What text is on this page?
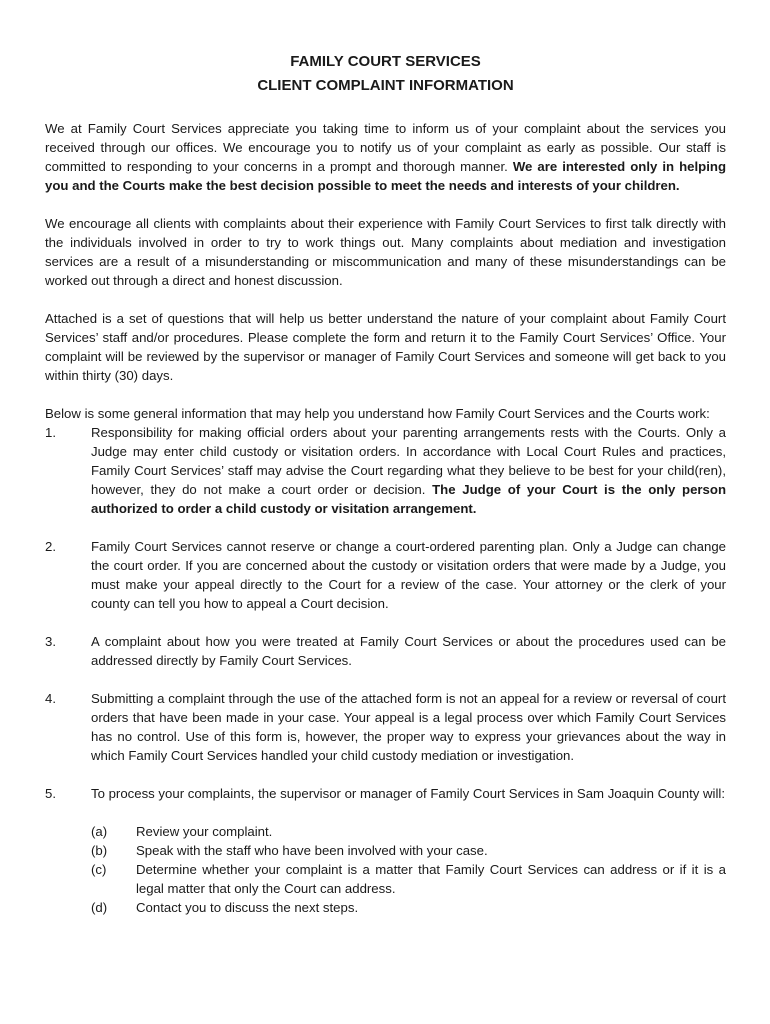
FAMILY COURT SERVICES
CLIENT COMPLAINT INFORMATION

We at Family Court Services appreciate you taking time to inform us of your complaint about the services you received through our offices. We encourage you to notify us of your complaint as early as possible. Our staff is committed to responding to your concerns in a prompt and thorough manner. We are interested only in helping you and the Courts make the best decision possible to meet the needs and interests of your children.

We encourage all clients with complaints about their experience with Family Court Services to first talk directly with the individuals involved in order to try to work things out. Many complaints about mediation and investigation services are a result of a misunderstanding or miscommunication and many of these misunderstandings can be worked out through a direct and honest discussion.

Attached is a set of questions that will help us better understand the nature of your complaint about Family Court Services’ staff and/or procedures. Please complete the form and return it to the Family Court Services’ Office. Your complaint will be reviewed by the supervisor or manager of Family Court Services and someone will get back to you within thirty (30) days.

Below is some general information that may help you understand how Family Court Services and the Courts work:

1.	Responsibility for making official orders about your parenting arrangements rests with the Courts. Only a Judge may enter child custody or visitation orders. In accordance with Local Court Rules and practices, Family Court Services’ staff may advise the Court regarding what they believe to be best for your child(ren), however, they do not make a court order or decision. The Judge of your Court is the only person authorized to order a child custody or visitation arrangement.
2.	Family Court Services cannot reserve or change a court-ordered parenting plan. Only a Judge can change the court order. If you are concerned about the custody or visitation orders that were made by a Judge, you must make your appeal directly to the Court for a review of the case. Your attorney or the clerk of your county can tell you how to appeal a Court decision.
3.	A complaint about how you were treated at Family Court Services or about the procedures used can be addressed directly by Family Court Services.
4.	Submitting a complaint through the use of the attached form is not an appeal for a review or reversal of court orders that have been made in your case. Your appeal is a legal process over which Family Court Services has no control. Use of this form is, however, the proper way to express your grievances about the way in which Family Court Services handled your child custody mediation or investigation.
5.	To process your complaints, the supervisor or manager of Family Court Services in Sam Joaquin County will:
(a) Review your complaint.
(b) Speak with the staff who have been involved with your case.
(c) Determine whether your complaint is a matter that Family Court Services can address or if it is a legal matter that only the Court can address.
(d) Contact you to discuss the next steps.
